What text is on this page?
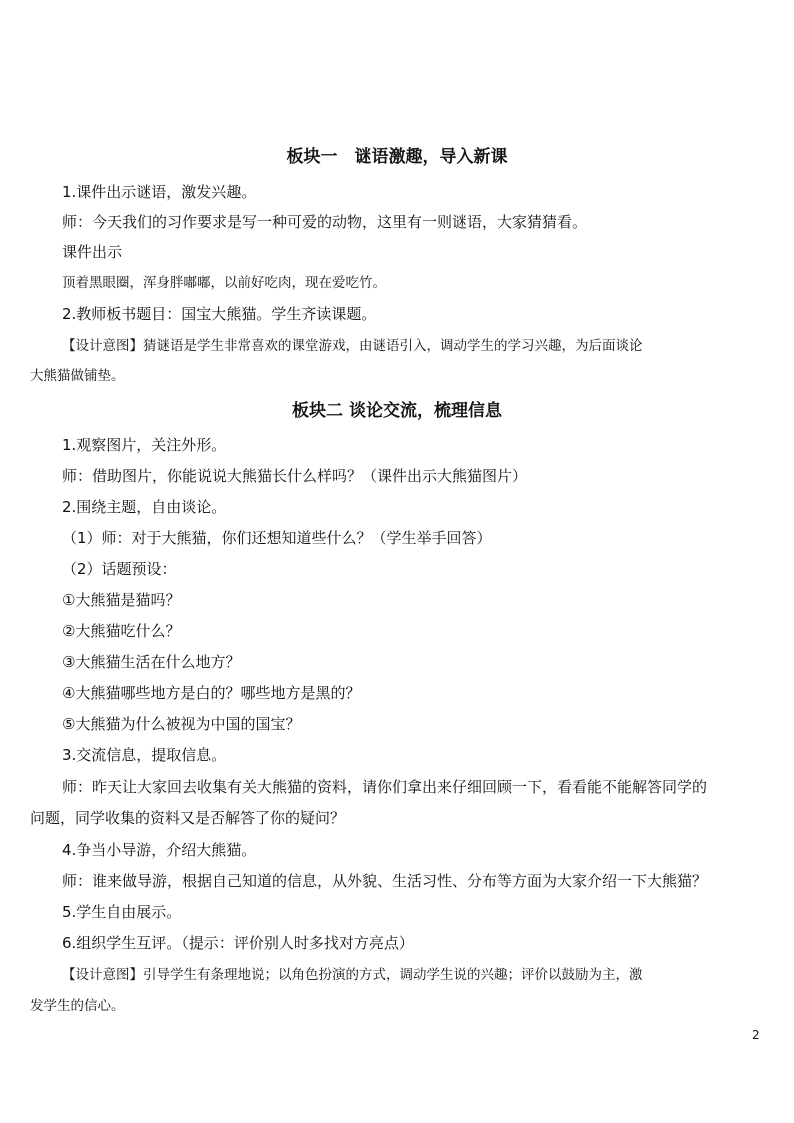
板块一　谜语激趣，导入新课
1.课件出示谜语，激发兴趣。
师：今天我们的习作要求是写一种可爱的动物，这里有一则谜语，大家猜猜看。
课件出示
顶着黑眼圈，浑身胖嘟嘟，以前好吃肉，现在爱吃竹。
2.教师板书题目：国宝大熊猫。学生齐读课题。
【设计意图】猜谜语是学生非常喜欢的课堂游戏，由谜语引入，调动学生的学习兴趣，为后面谈论
大熊猫做铺垫。
板块二 谈论交流，梳理信息
1.观察图片，关注外形。
师：借助图片，你能说说大熊猫长什么样吗？（课件出示大熊猫图片）
2.围绕主题，自由谈论。
（1）师：对于大熊猫，你们还想知道些什么？（学生举手回答）
（2）话题预设：
①大熊猫是猫吗？
②大熊猫吃什么？
③大熊猫生活在什么地方？
④大熊猫哪些地方是白的？哪些地方是黑的？
⑤大熊猫为什么被视为中国的国宝？
3.交流信息，提取信息。
师：昨天让大家回去收集有关大熊猫的资料，请你们拿出来仔细回顾一下，看看能不能解答同学的
问题，同学收集的资料又是否解答了你的疑问？
4.争当小导游，介绍大熊猫。
师：谁来做导游，根据自己知道的信息，从外貌、生活习性、分布等方面为大家介绍一下大熊猫？
5.学生自由展示。
6.组织学生互评。（提示：评价别人时多找对方亮点）
【设计意图】引导学生有条理地说；以角色扮演的方式，调动学生说的兴趣；评价以鼓励为主，激
发学生的信心。
2
